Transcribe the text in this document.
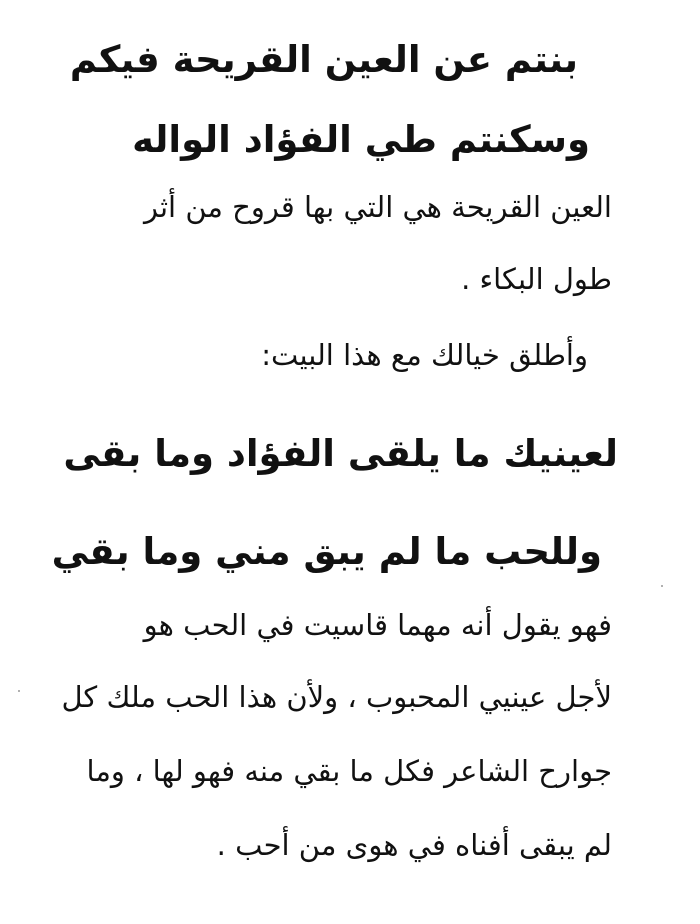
بنتم عن العين القريحة فيكم
وسكنتم طي الفؤاد الواله
العين القريحة هي التي بها قروح من أثر
طول البكاء .
وأطلق خيالك مع هذا البيت:
لعينيك ما يلقى الفؤاد وما بقى
وللحب ما لم يبق مني وما بقي
فهو يقول أنه مهما قاسيت في الحب هو
لأجل عينيي المحبوب ، ولأن هذا الحب ملك كل
جوارح الشاعر فكل ما بقي منه فهو لها ، وما
لم يبقى أفناه في هوى من أحب .
